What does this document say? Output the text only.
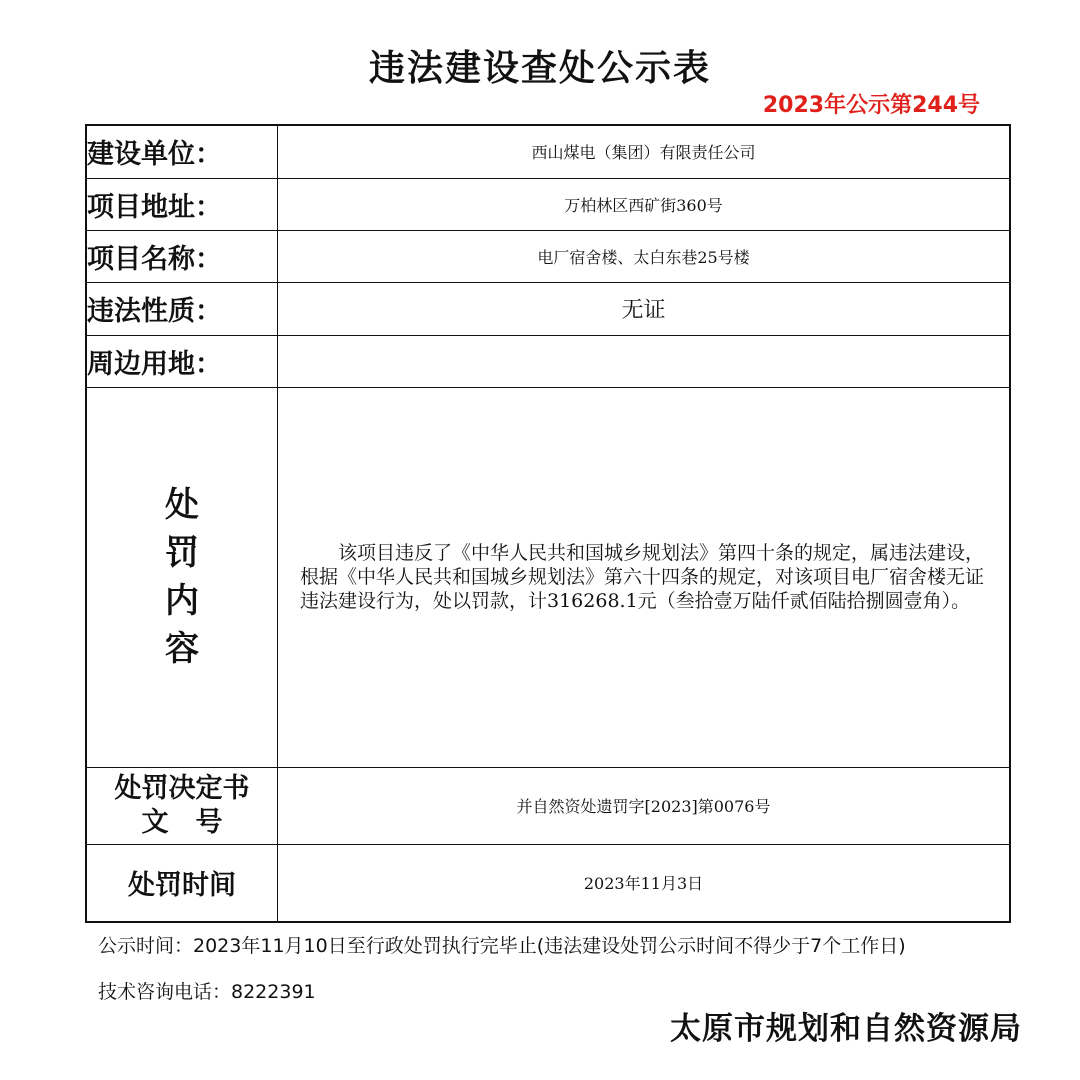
违法建设查处公示表
2023年公示第244号
建设单位：	西山煤电（集团）有限责任公司
项目地址：	万柏林区西矿街360号
项目名称：	电厂宿舍楼、太白东巷25号楼
违法性质：	无证
周边用地：	

处
罚
内
容	该项目违反了《中华人民共和国城乡规划法》第四十条的规定，属违法建设，根据《中华人民共和国城乡规划法》第六十四条的规定，对该项目电厂宿舍楼无证违法建设行为，处以罚款，计316268.1元（叁拾壹万陆仟贰佰陆拾捌圆壹角）。

处罚决定书
文　号	并自然资处遗罚字[2023]第0076号
处罚时间	2023年11月3日
公示时间：2023年11月10日至行政处罚执行完毕止(违法建设处罚公示时间不得少于7个工作日)
技术咨询电话：8222391
太原市规划和自然资源局
